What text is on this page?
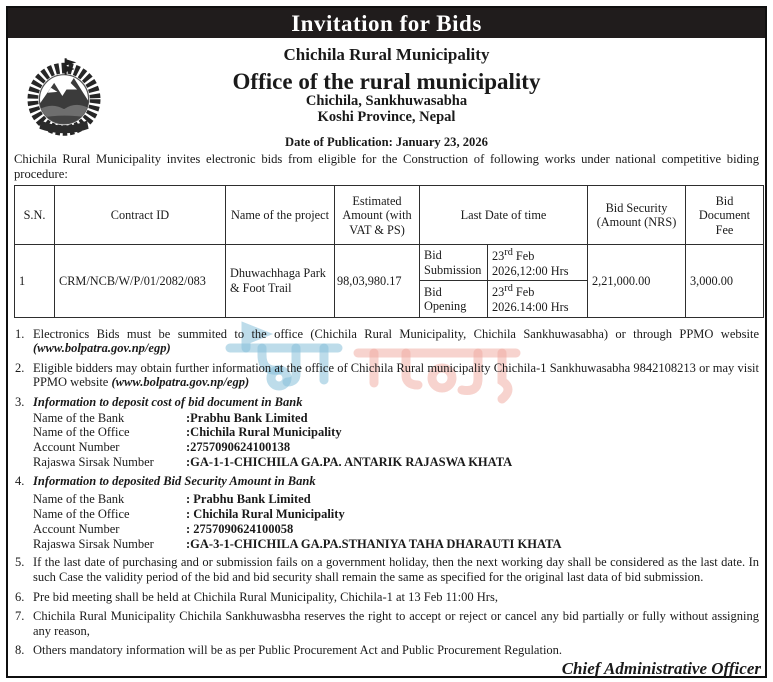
Invitation for Bids
Chichila Rural Municipality
Office of the rural municipality
Chichila, Sankhuwasabha
Koshi Province, Nepal
Date of Publication: January 23, 2026
Chichila Rural Municipality invites electronic bids from eligible for the Construction of following works under national competitive biding procedure:
S.N.	Contract ID	Name of the project	Estimated Amount (with VAT & PS)	Last Date of time		Bid Security (Amount (NRS)	Bid Document Fee
1	CRM/NCB/W/P/01/2082/083	Dhuwachhaga Park & Foot Trail	98,03,980.17	Bid Submission	23rd Feb 2026,12:00 Hrs	2,21,000.00	3,000.00
				Bid Opening	23rd Feb 2026.14:00 Hrs		
1. Electronics Bids must be summited to the office (Chichila Rural Municipality, Chichila Sankhuwasabha) or through PPMO website (www.bolpatra.gov.np/egp)
2. Eligible bidders may obtain further information at the office of Chichila Rural municipality Chichila-1 Sankhuwasabha 9842108213 or may visit PPMO website (www.bolpatra.gov.np/egp)
3. Information to deposit cost of bid document in Bank
Name of the Bank	:Prabhu Bank Limited
Name of the Office	:Chichila Rural Municipality
Account Number	:2757090624100138
Rajaswa Sirsak Number	:GA-1-1-CHICHILA GA.PA. ANTARIK RAJASWA KHATA
4. Information to deposited Bid Security Amount in Bank
Name of the Bank	: Prabhu Bank Limited
Name of the Office	: Chichila Rural Municipality
Account Number	: 2757090624100058
Rajaswa Sirsak Number	:GA-3-1-CHICHILA GA.PA.STHANIYA TAHA DHARAUTI KHATA
5. If the last date of purchasing and or submission fails on a government holiday, then the next working day shall be considered as the last date. In such Case the validity period of the bid and bid security shall remain the same as specified for the original last data of bid submission.
6. Pre bid meeting shall be held at Chichila Rural Municipality, Chichila-1 at 13 Feb 11:00 Hrs,
7. Chichila Rural Municipality Chichila Sankhuwasbha reserves the right to accept or reject or cancel any bid partially or fully without assigning any reason,
8. Others mandatory information will be as per Public Procurement Act and Public Procurement Regulation.
Chief Administrative Officer
